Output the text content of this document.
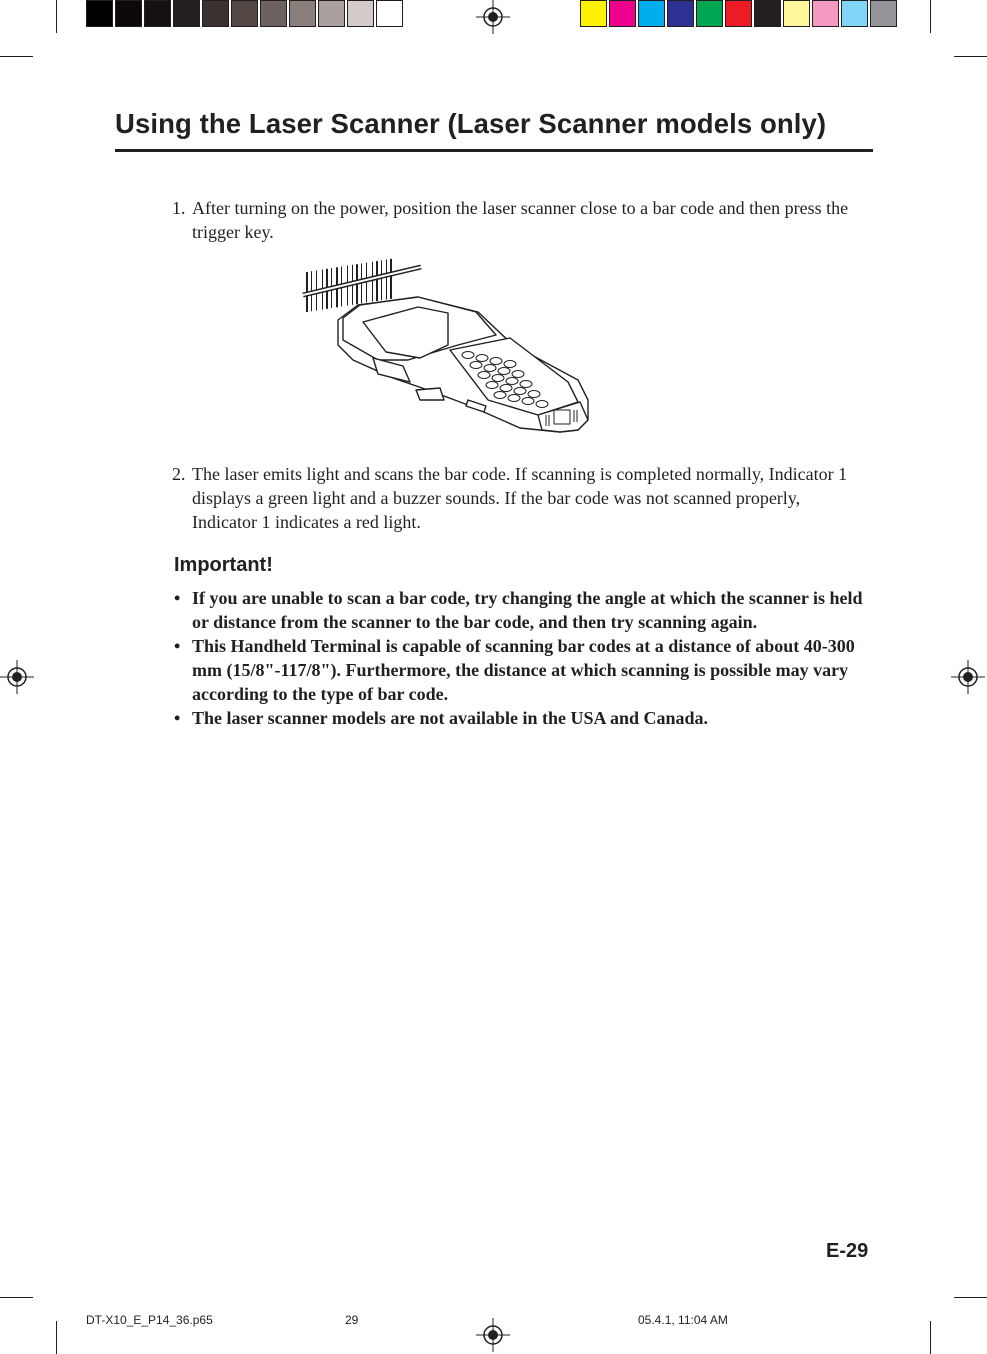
Using the Laser Scanner (Laser Scanner models only)
1. After turning on the power, position the laser scanner close to a bar code and then press the trigger key.
2. The laser emits light and scans the bar code. If scanning is completed normally, Indicator 1 displays a green light and a buzzer sounds. If the bar code was not scanned properly, Indicator 1 indicates a red light.
Important!
• If you are unable to scan a bar code, try changing the angle at which the scanner is held or distance from the scanner to the bar code, and then try scanning again.
• This Handheld Terminal is capable of scanning bar codes at a distance of about 40-300 mm (15/8"-117/8"). Furthermore, the distance at which scanning is possible may vary according to the type of bar code.
• The laser scanner models are not available in the USA and Canada.
E-29
DT-X10_E_P14_36.p65	29	05.4.1, 11:04 AM
